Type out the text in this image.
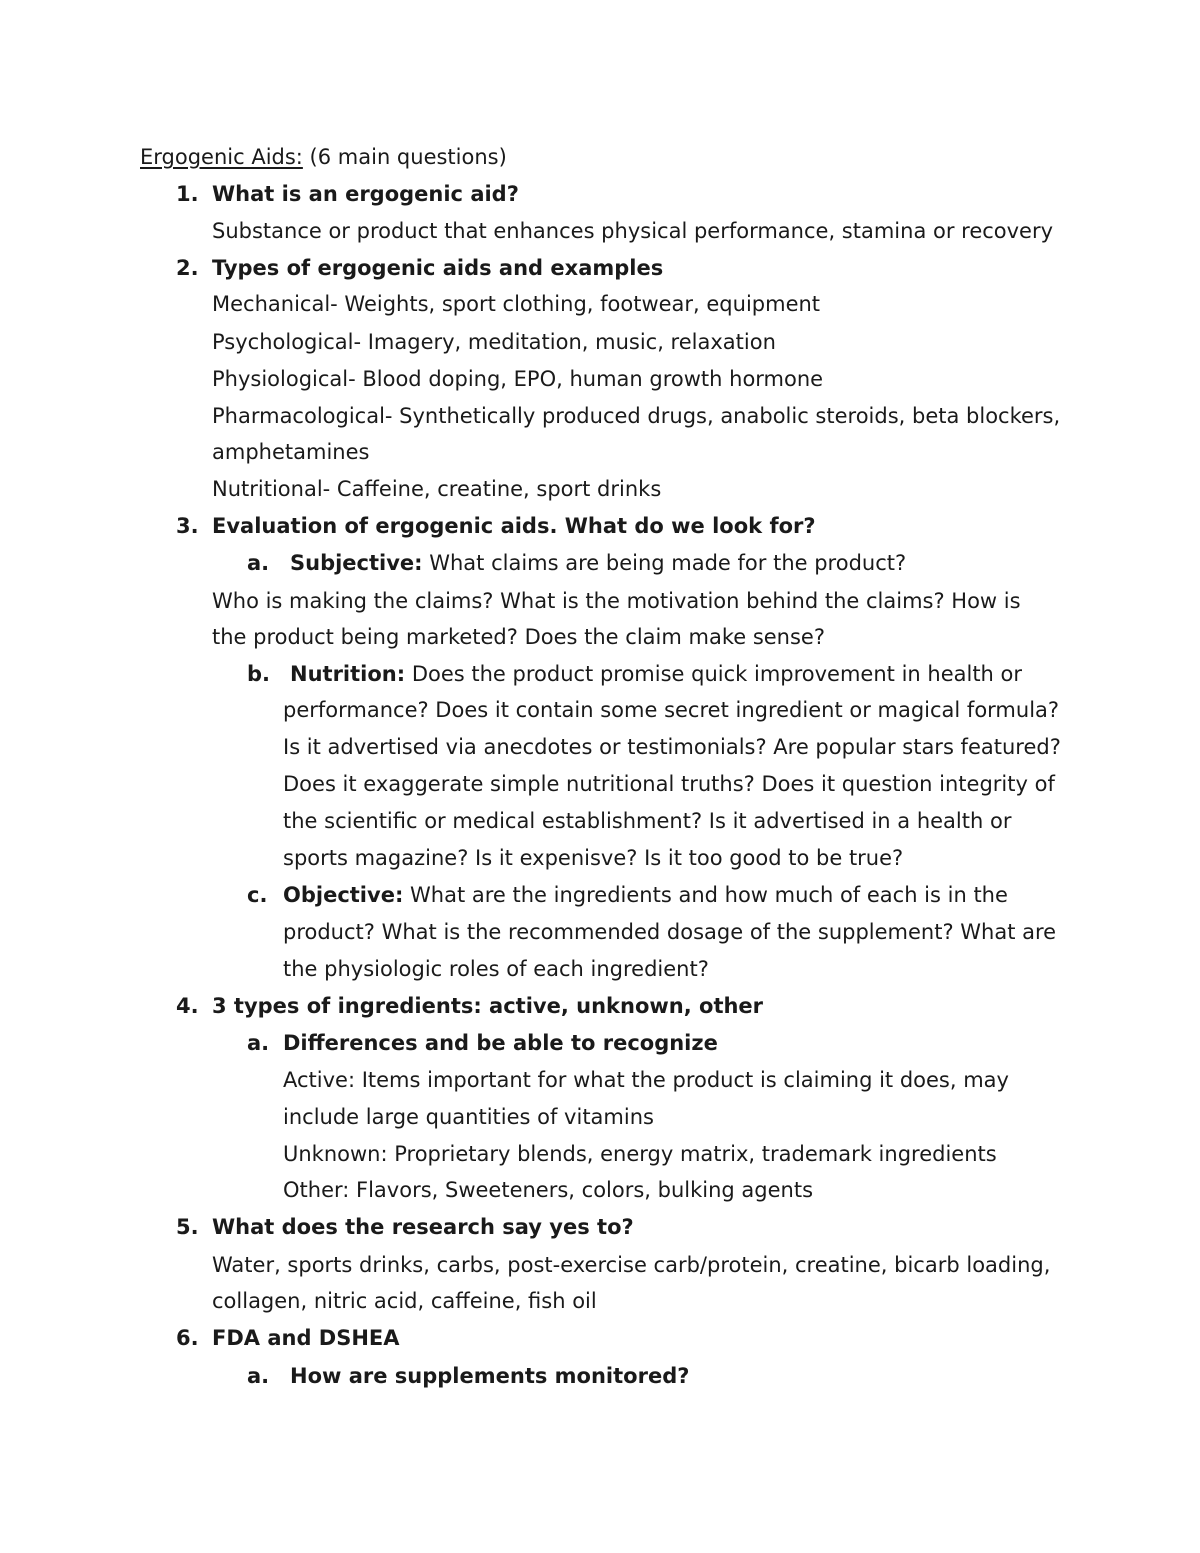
Ergogenic Aids: (6 main questions)
1. What is an ergogenic aid?
Substance or product that enhances physical performance, stamina or recovery
2. Types of ergogenic aids and examples
Mechanical- Weights, sport clothing, footwear, equipment
Psychological- Imagery, meditation, music, relaxation
Physiological- Blood doping, EPO, human growth hormone
Pharmacological- Synthetically produced drugs, anabolic steroids, beta blockers,
amphetamines
Nutritional- Caffeine, creatine, sport drinks
3. Evaluation of ergogenic aids. What do we look for?
a. Subjective: What claims are being made for the product?
Who is making the claims? What is the motivation behind the claims? How is
the product being marketed? Does the claim make sense?
b. Nutrition: Does the product promise quick improvement in health or
performance? Does it contain some secret ingredient or magical formula?
Is it advertised via anecdotes or testimonials? Are popular stars featured?
Does it exaggerate simple nutritional truths? Does it question integrity of
the scientific or medical establishment? Is it advertised in a health or
sports magazine? Is it expenisve? Is it too good to be true?
c. Objective: What are the ingredients and how much of each is in the
product? What is the recommended dosage of the supplement? What are
the physiologic roles of each ingredient?
4. 3 types of ingredients: active, unknown, other
a. Differences and be able to recognize
Active: Items important for what the product is claiming it does, may
include large quantities of vitamins
Unknown: Proprietary blends, energy matrix, trademark ingredients
Other: Flavors, Sweeteners, colors, bulking agents
5. What does the research say yes to?
Water, sports drinks, carbs, post-exercise carb/protein, creatine, bicarb loading,
collagen, nitric acid, caffeine, fish oil
6. FDA and DSHEA
a. How are supplements monitored?
